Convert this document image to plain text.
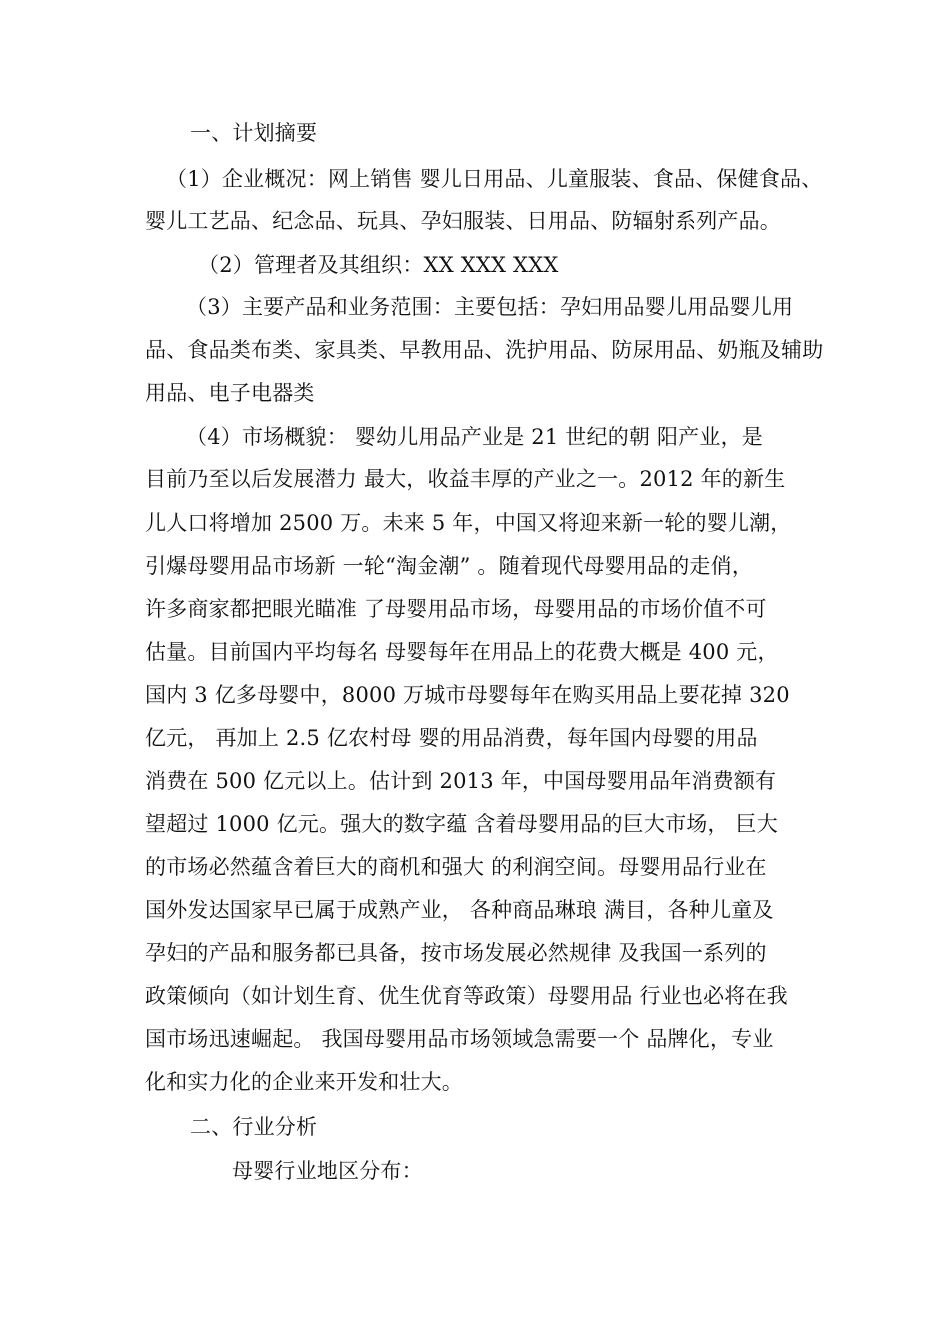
一、计划摘要
（1）企业概况：网上销售 婴儿日用品、儿童服装、食品、保健食品、
婴儿工艺品、纪念品、玩具、孕妇服装、日用品、防辐射系列产品。
（2）管理者及其组织：XX XXX XXX
（3）主要产品和业务范围：主要包括：孕妇用品婴儿用品婴儿用
品、食品类布类、家具类、早教用品、洗护用品、防尿用品、奶瓶及辅助
用品、电子电器类
（4）市场概貌： 婴幼儿用品产业是 21 世纪的朝 阳产业，是
目前乃至以后发展潜力 最大，收益丰厚的产业之一。2012 年的新生
儿人口将增加 2500 万。未来 5 年，中国又将迎来新一轮的婴儿潮，
引爆母婴用品市场新 一轮“淘金潮” 。随着现代母婴用品的走俏，
许多商家都把眼光瞄准 了母婴用品市场，母婴用品的市场价值不可
估量。目前国内平均每名 母婴每年在用品上的花费大概是 400 元，
国内 3 亿多母婴中，8000 万城市母婴每年在购买用品上要花掉 320
亿元， 再加上 2.5 亿农村母 婴的用品消费，每年国内母婴的用品
消费在 500 亿元以上。估计到 2013 年，中国母婴用品年消费额有
望超过 1000 亿元。强大的数字蕴 含着母婴用品的巨大市场， 巨大
的市场必然蕴含着巨大的商机和强大 的利润空间。母婴用品行业在
国外发达国家早已属于成熟产业， 各种商品琳琅 满目，各种儿童及
孕妇的产品和服务都已具备，按市场发展必然规律 及我国一系列的
政策倾向（如计划生育、优生优育等政策）母婴用品 行业也必将在我
国市场迅速崛起。 我国母婴用品市场领域急需要一个 品牌化，专业
化和实力化的企业来开发和壮大。
二、行业分析
母婴行业地区分布：
